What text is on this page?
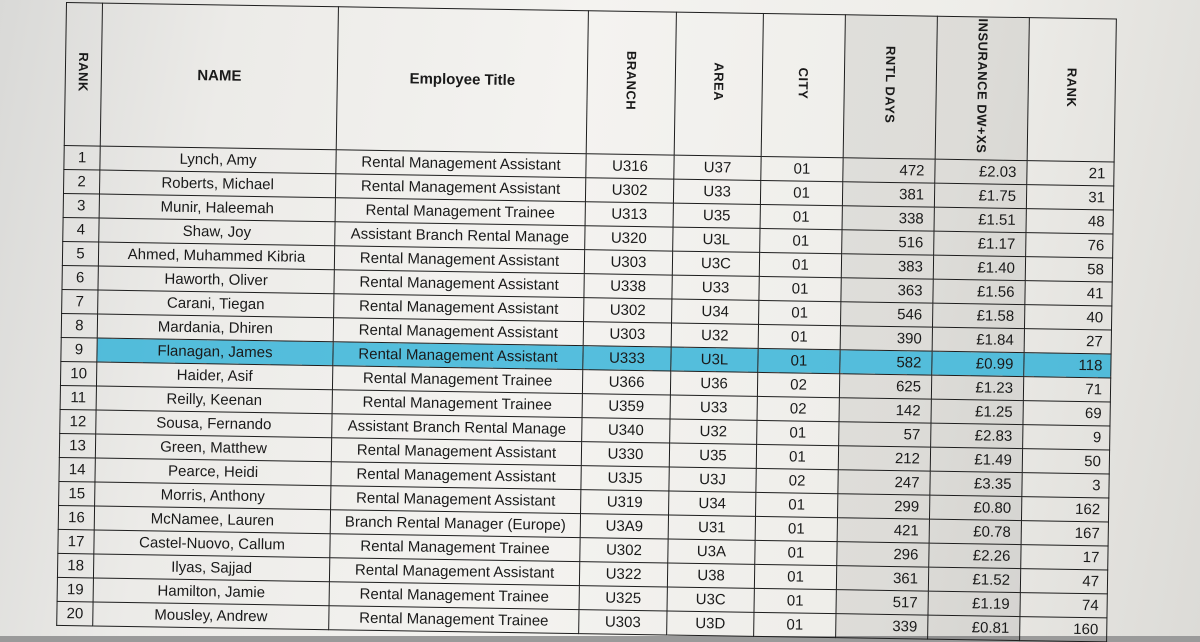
RANK	NAME	Employee Title	BRANCH	AREA	CITY	RNTL DAYS	INSURANCE DW+XS	RANK
1	Lynch, Amy	Rental Management Assistant	U316	U37	01	472	£2.03	21
2	Roberts, Michael	Rental Management Assistant	U302	U33	01	381	£1.75	31
3	Munir, Haleemah	Rental Management Trainee	U313	U35	01	338	£1.51	48
4	Shaw, Joy	Assistant Branch Rental Manage	U320	U3L	01	516	£1.17	76
5	Ahmed, Muhammed Kibria	Rental Management Assistant	U303	U3C	01	383	£1.40	58
6	Haworth, Oliver	Rental Management Assistant	U338	U33	01	363	£1.56	41
7	Carani, Tiegan	Rental Management Assistant	U302	U34	01	546	£1.58	40
8	Mardania, Dhiren	Rental Management Assistant	U303	U32	01	390	£1.84	27
9	Flanagan, James	Rental Management Assistant	U333	U3L	01	582	£0.99	118
10	Haider, Asif	Rental Management Trainee	U366	U36	02	625	£1.23	71
11	Reilly, Keenan	Rental Management Trainee	U359	U33	02	142	£1.25	69
12	Sousa, Fernando	Assistant Branch Rental Manage	U340	U32	01	57	£2.83	9
13	Green, Matthew	Rental Management Assistant	U330	U35	01	212	£1.49	50
14	Pearce, Heidi	Rental Management Assistant	U3J5	U3J	02	247	£3.35	3
15	Morris, Anthony	Rental Management Assistant	U319	U34	01	299	£0.80	162
16	McNamee, Lauren	Branch Rental Manager (Europe)	U3A9	U31	01	421	£0.78	167
17	Castel-Nuovo, Callum	Rental Management Trainee	U302	U3A	01	296	£2.26	17
18	Ilyas, Sajjad	Rental Management Assistant	U322	U38	01	361	£1.52	47
19	Hamilton, Jamie	Rental Management Trainee	U325	U3C	01	517	£1.19	74
20	Mousley, Andrew	Rental Management Trainee	U303	U3D	01	339	£0.81	160
